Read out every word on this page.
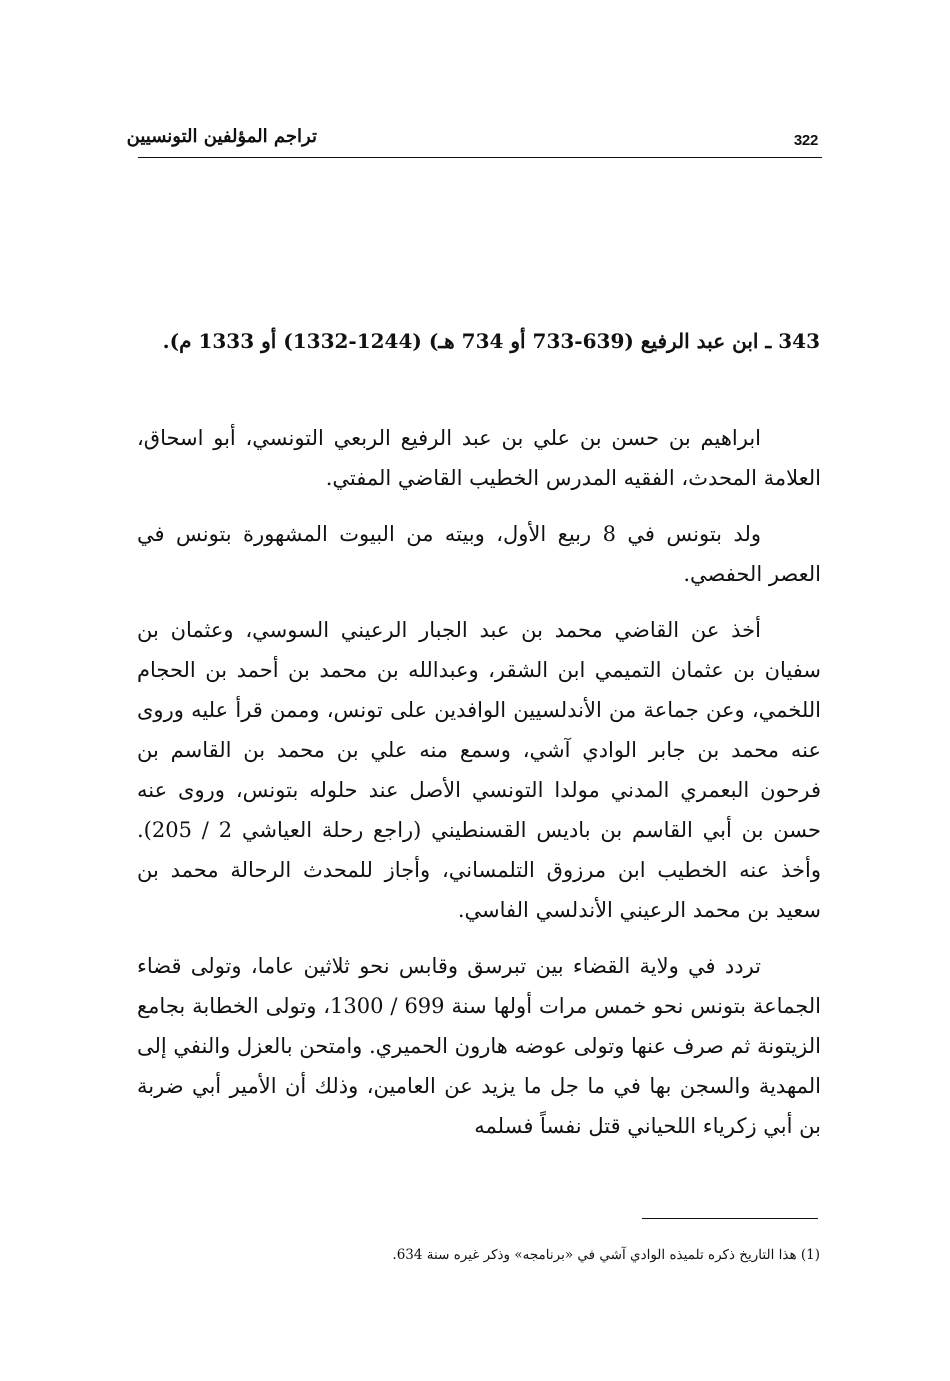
تراجم المؤلفين التونسيين	322
343 ـ ابن عبد الرفيع (639-733 أو 734 هـ) (1244-1332) أو 1333 م).

ابراهيم بن حسن بن علي بن عبد الرفيع الربعي التونسي، أبو اسحاق، العلامة المحدث، الفقيه المدرس الخطيب القاضي المفتي.

ولد بتونس في 8 ربيع الأول، وبيته من البيوت المشهورة بتونس في العصر الحفصي.

أخذ عن القاضي محمد بن عبد الجبار الرعيني السوسي، وعثمان بن سفيان بن عثمان التميمي ابن الشقر، وعبدالله بن محمد بن أحمد بن الحجام اللخمي، وعن جماعة من الأندلسيين الوافدين على تونس، وممن قرأ عليه وروى عنه محمد بن جابر الوادي آشي، وسمع منه علي بن محمد بن القاسم بن فرحون البعمري المدني مولدا التونسي الأصل عند حلوله بتونس، وروى عنه حسن بن أبي القاسم بن باديس القسنطيني (راجع رحلة العياشي 2 / 205). وأخذ عنه الخطيب ابن مرزوق التلمساني، وأجاز للمحدث الرحالة محمد بن سعيد بن محمد الرعيني الأندلسي الفاسي.

تردد في ولاية القضاء بين تبرسق وقابس نحو ثلاثين عاما، وتولى قضاء الجماعة بتونس نحو خمس مرات أولها سنة 699 / 1300، وتولى الخطابة بجامع الزيتونة ثم صرف عنها وتولى عوضه هارون الحميري. وامتحن بالعزل والنفي إلى المهدية والسجن بها في ما جل ما يزيد عن العامين، وذلك أن الأمير أبي ضربة بن أبي زكرياء اللحياني قتل نفساً فسلمه

(1) هذا التاريخ ذكره تلميذه الوادي آشي في «برنامجه» وذكر غيره سنة 634.
